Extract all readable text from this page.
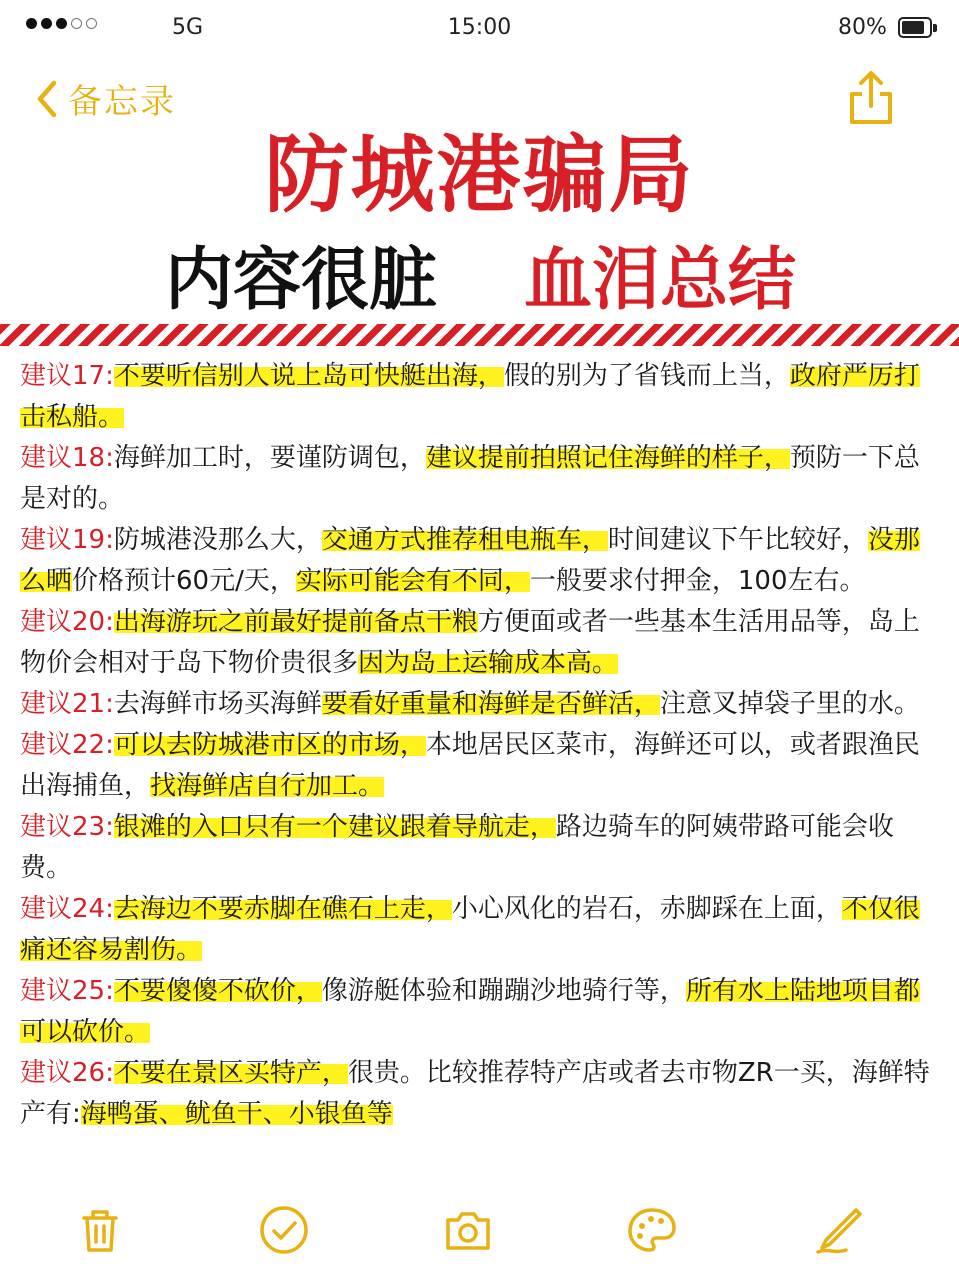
5G	15:00	80%
备忘录
防城港骗局
内容很脏 血泪总结

建议17:不要听信别人说上岛可快艇出海，假的别为了省钱而上当，政府严厉打击私船。

建议18:海鲜加工时，要谨防调包，建议提前拍照记住海鲜的样子，预防一下总是对的。

建议19:防城港没那么大，交通方式推荐租电瓶车，时间建议下午比较好，没那么晒价格预计60元/天，实际可能会有不同，一般要求付押金，100左右。

建议20:出海游玩之前最好提前备点干粮方便面或者一些基本生活用品等，岛上物价会相对于岛下物价贵很多因为岛上运输成本高。

建议21:去海鲜市场买海鲜要看好重量和海鲜是否鲜活，注意叉掉袋子里的水。

建议22:可以去防城港市区的市场，本地居民区菜市，海鲜还可以，或者跟渔民出海捕鱼，找海鲜店自行加工。

建议23:银滩的入口只有一个建议跟着导航走，路边骑车的阿姨带路可能会收费。

建议24:去海边不要赤脚在礁石上走，小心风化的岩石，赤脚踩在上面，不仅很痛还容易割伤。

建议25:不要傻傻不砍价，像游艇体验和蹦蹦沙地骑行等，所有水上陆地项目都可以砍价。

建议26:不要在景区买特产，很贵。比较推荐特产店或者去市物ZR一买，海鲜特产有:海鸭蛋、鱿鱼干、小银鱼等
